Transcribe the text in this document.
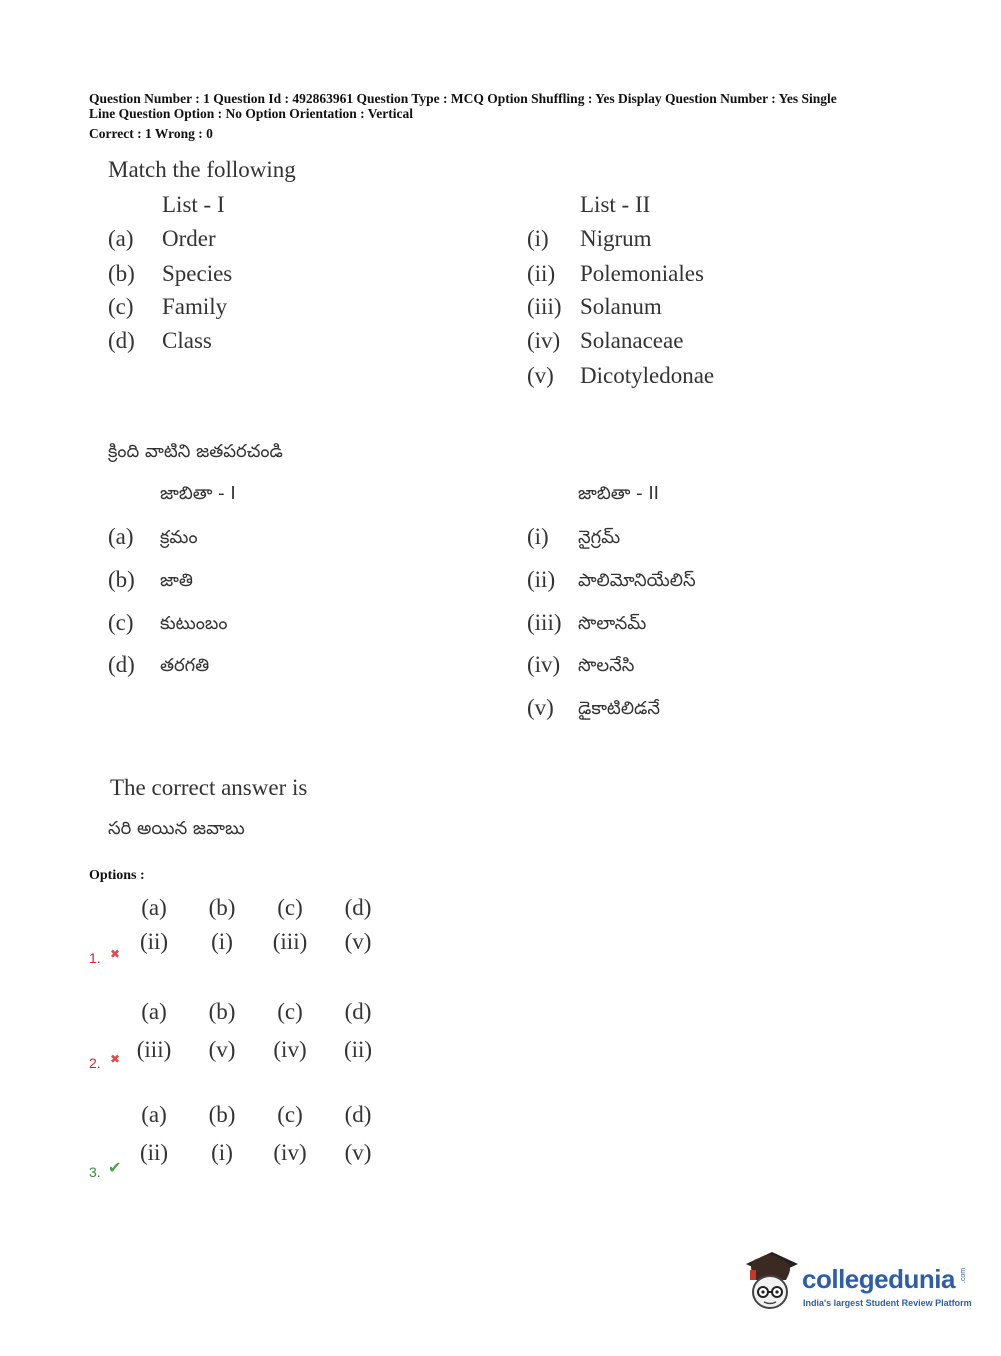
Question Number : 1 Question Id : 492863961 Question Type : MCQ Option Shuffling : Yes Display Question Number : Yes Single
Line Question Option : No Option Orientation : Vertical
Correct : 1 Wrong : 0
Match the following
List - I	List - II
(a) Order
(b) Species
(c) Family
(d) Class
(i) Nigrum
(ii) Polemoniales
(iii) Solanum
(iv) Solanaceae
(v) Dicotyledonae
క్రింది వాటిని జతపరచండి
జాబితా - I	జాబితా - II
(a) క్రమం
(b) జాతి
(c) కుటుంబం
(d) తరగతి
(i) నైగ్రమ్
(ii) పాలిమోనియేలిస్
(iii) సొలానమ్
(iv) సొలనేసి
(v) డైకాటిలిడనే
The correct answer is
సరి అయిన జవాబు
Options :
(a)	(b)	(c)	(d)
(ii)	(i)	(iii)	(v)
1. ✖
(a)	(b)	(c)	(d)
(iii)	(v)	(iv)	(ii)
2. ✖
(a)	(b)	(c)	(d)
(ii)	(i)	(iv)	(v)
3. ✔
collegedunia .com
India's largest Student Review Platform
